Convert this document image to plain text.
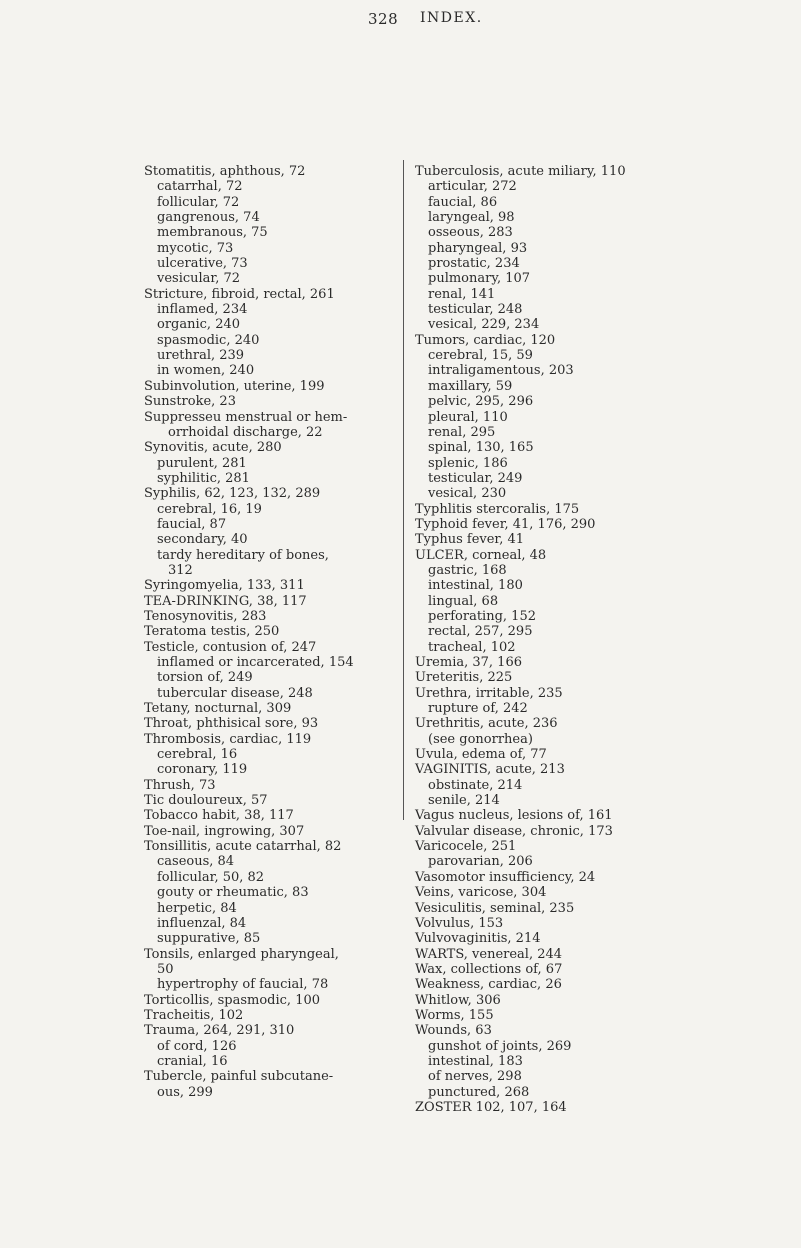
328 INDEX.
Stomatitis, aphthous, 72
catarrhal, 72
follicular, 72
gangrenous, 74
membranous, 75
mycotic, 73
ulcerative, 73
vesicular, 72
Stricture, fibroid, rectal, 261
inflamed, 234
organic, 240
spasmodic, 240
urethral, 239
in women, 240
Subinvolution, uterine, 199
Sunstroke, 23
Suppresseu menstrual or hem-
orrhoidal discharge, 22
Synovitis, acute, 280
purulent, 281
syphilitic, 281
Syphilis, 62, 123, 132, 289
cerebral, 16, 19
faucial, 87
secondary, 40
tardy hereditary of bones,
312
Syringomyelia, 133, 311
TEA-DRINKING, 38, 117
Tenosynovitis, 283
Teratoma testis, 250
Testicle, contusion of, 247
inflamed or incarcerated, 154
torsion of, 249
tubercular disease, 248
Tetany, nocturnal, 309
Throat, phthisical sore, 93
Thrombosis, cardiac, 119
cerebral, 16
coronary, 119
Thrush, 73
Tic douloureux, 57
Tobacco habit, 38, 117
Toe-nail, ingrowing, 307
Tonsillitis, acute catarrhal, 82
caseous, 84
follicular, 50, 82
gouty or rheumatic, 83
herpetic, 84
influenzal, 84
suppurative, 85
Tonsils, enlarged pharyngeal,
50
hypertrophy of faucial, 78
Torticollis, spasmodic, 100
Tracheitis, 102
Trauma, 264, 291, 310
of cord, 126
cranial, 16
Tubercle, painful subcutane-
ous, 299
Tuberculosis, acute miliary, 110
articular, 272
faucial, 86
laryngeal, 98
osseous, 283
pharyngeal, 93
prostatic, 234
pulmonary, 107
renal, 141
testicular, 248
vesical, 229, 234
Tumors, cardiac, 120
cerebral, 15, 59
intraligamentous, 203
maxillary, 59
pelvic, 295, 296
pleural, 110
renal, 295
spinal, 130, 165
splenic, 186
testicular, 249
vesical, 230
Typhlitis stercoralis, 175
Typhoid fever, 41, 176, 290
Typhus fever, 41
ULCER, corneal, 48
gastric, 168
intestinal, 180
lingual, 68
perforating, 152
rectal, 257, 295
tracheal, 102
Uremia, 37, 166
Ureteritis, 225
Urethra, irritable, 235
rupture of, 242
Urethritis, acute, 236
(see gonorrhea)
Uvula, edema of, 77
VAGINITIS, acute, 213
obstinate, 214
senile, 214
Vagus nucleus, lesions of, 161
Valvular disease, chronic, 173
Varicocele, 251
parovarian, 206
Vasomotor insufficiency, 24
Veins, varicose, 304
Vesiculitis, seminal, 235
Volvulus, 153
Vulvovaginitis, 214
WARTS, venereal, 244
Wax, collections of, 67
Weakness, cardiac, 26
Whitlow, 306
Worms, 155
Wounds, 63
gunshot of joints, 269
intestinal, 183
of nerves, 298
punctured, 268
ZOSTER 102, 107, 164
